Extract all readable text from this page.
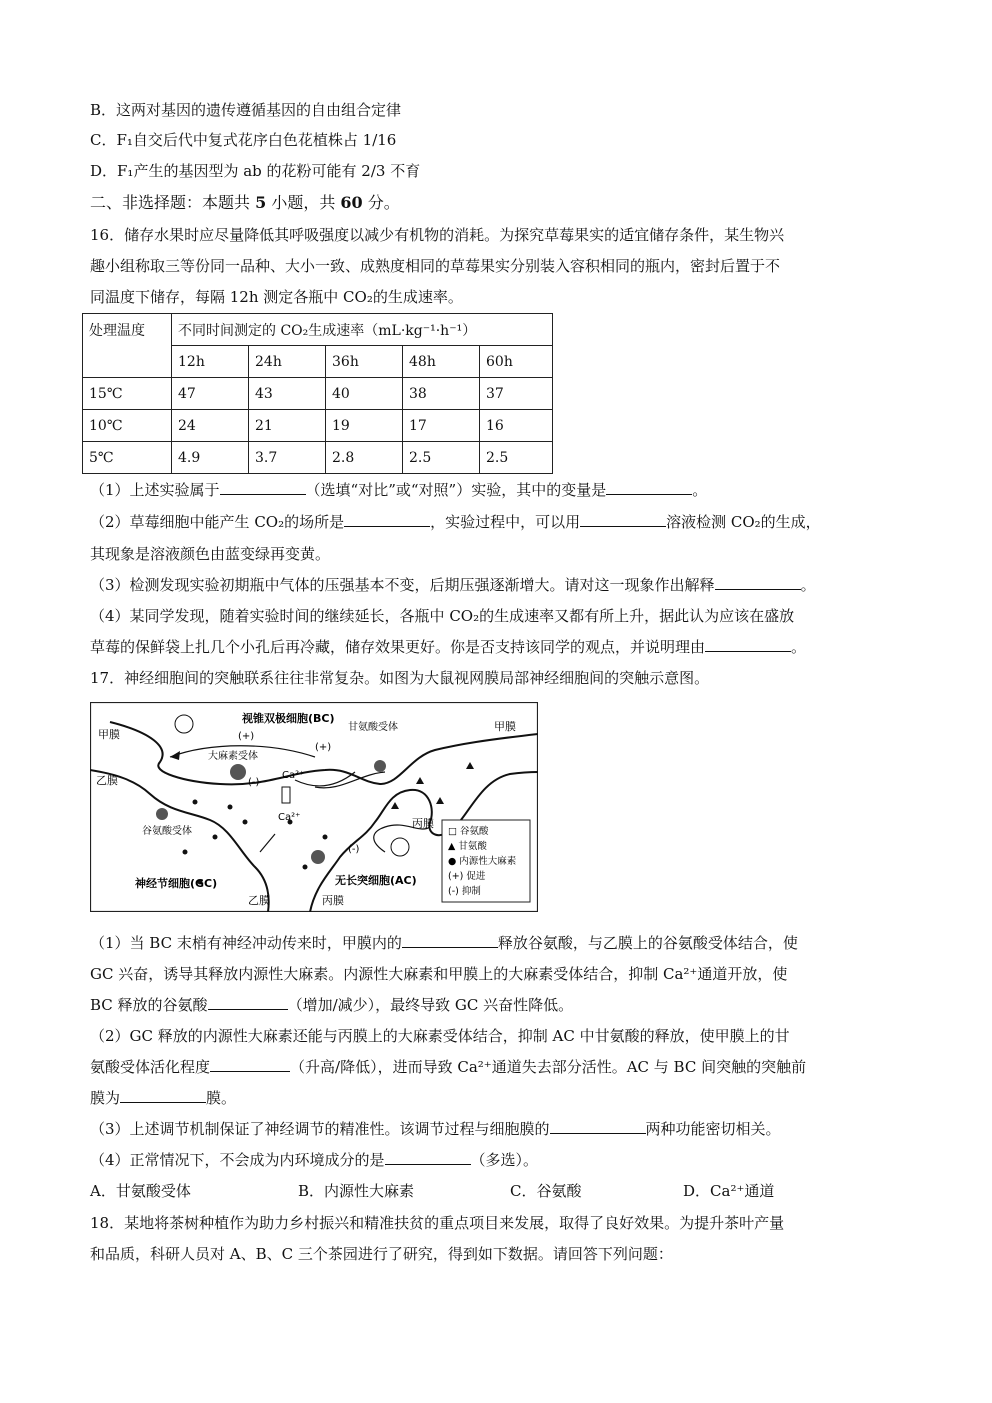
B．这两对基因的遗传遵循基因的自由组合定律
C．F₁自交后代中复式花序白色花植株占 1/16
D．F₁产生的基因型为 ab 的花粉可能有 2/3 不育
二、非选择题：本题共 5 小题，共 60 分。
16．储存水果时应尽量降低其呼吸强度以减少有机物的消耗。为探究草莓果实的适宜储存条件，某生物兴
趣小组称取三等份同一品种、大小一致、成熟度相同的草莓果实分别装入容积相同的瓶内，密封后置于不
同温度下储存，每隔 12h 测定各瓶中 CO₂的生成速率。
处理温度	不同时间测定的 CO₂生成速率（mL·kg⁻¹·h⁻¹）				
	12h	24h	36h	48h	60h
15℃	47	43	40	38	37
10℃	24	21	19	17	16
5℃	4.9	3.7	2.8	2.5	2.5
（1）上述实验属于	（选填“对比”或“对照”）实验，其中的变量是	。
（2）草莓细胞中能产生 CO₂的场所是	，实验过程中，可以用	溶液检测 CO₂的生成，
其现象是溶液颜色由蓝变绿再变黄。
（3）检测发现实验初期瓶中气体的压强基本不变，后期压强逐渐增大。请对这一现象作出解释	。
（4）某同学发现，随着实验时间的继续延长，各瓶中 CO₂的生成速率又都有所上升，据此认为应该在盛放
草莓的保鲜袋上扎几个小孔后再冷藏，储存效果更好。你是否支持该同学的观点，并说明理由	。
17．神经细胞间的突触联系往往非常复杂。如图为大鼠视网膜局部神经细胞间的突触示意图。
甲膜
甲膜
乙膜
乙膜	丙膜
丙膜
视锥双极细胞(BC)
神经节细胞(GC)	无长突细胞(AC)
大麻素受体
甘氨酸受体
谷氨酸受体
Ca²⁺
Ca²⁺
(+)
(+)
(-)
(-)
□ 谷氨酸
▲ 甘氨酸
● 内源性大麻素
(+) 促进
(-) 抑制
（1）当 BC 末梢有神经冲动传来时，甲膜内的	释放谷氨酸，与乙膜上的谷氨酸受体结合，使
GC 兴奋，诱导其释放内源性大麻素。内源性大麻素和甲膜上的大麻素受体结合，抑制 Ca²⁺通道开放，使
BC 释放的谷氨酸	（增加/减少），最终导致 GC 兴奋性降低。
（2）GC 释放的内源性大麻素还能与丙膜上的大麻素受体结合，抑制 AC 中甘氨酸的释放，使甲膜上的甘
氨酸受体活化程度	（升高/降低），进而导致 Ca²⁺通道失去部分活性。AC 与 BC 间突触的突触前
膜为	膜。
（3）上述调节机制保证了神经调节的精准性。该调节过程与细胞膜的	两种功能密切相关。
（4）正常情况下，不会成为内环境成分的是	（多选）。
A．甘氨酸受体	B．内源性大麻素	C．谷氨酸	D．Ca²⁺通道
18．某地将茶树种植作为助力乡村振兴和精准扶贫的重点项目来发展，取得了良好效果。为提升茶叶产量
和品质，科研人员对 A、B、C 三个茶园进行了研究，得到如下数据。请回答下列问题：
